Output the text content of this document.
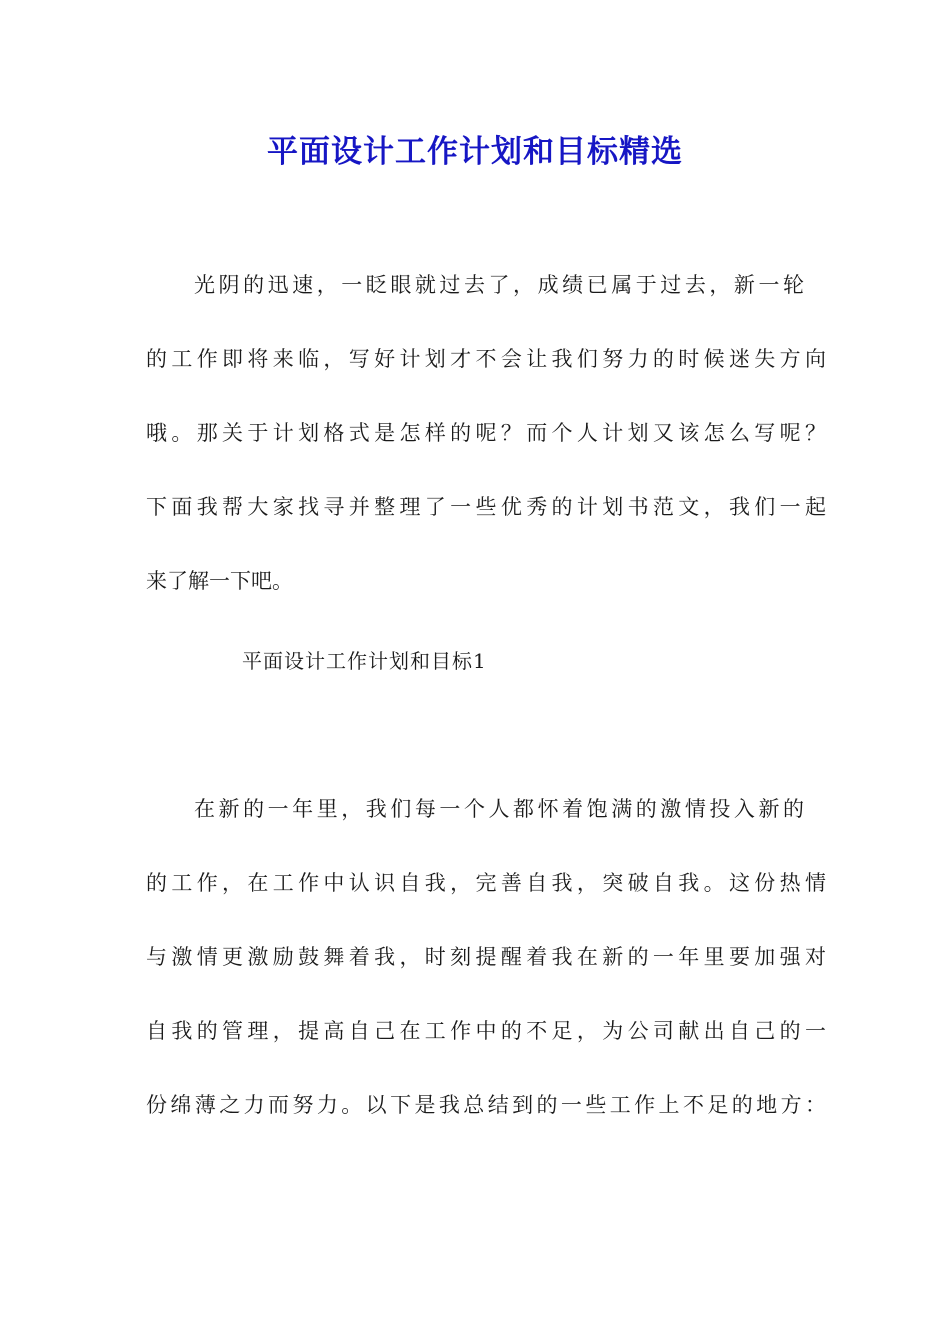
平面设计工作计划和目标精选
光阴的迅速，一眨眼就过去了，成绩已属于过去，新一轮
的工作即将来临，写好计划才不会让我们努力的时候迷失方向
哦。那关于计划格式是怎样的呢？而个人计划又该怎么写呢？
下面我帮大家找寻并整理了一些优秀的计划书范文，我们一起
来了解一下吧。
平面设计工作计划和目标1
在新的一年里，我们每一个人都怀着饱满的激情投入新的
的工作，在工作中认识自我，完善自我，突破自我。这份热情
与激情更激励鼓舞着我，时刻提醒着我在新的一年里要加强对
自我的管理，提高自己在工作中的不足，为公司献出自己的一
份绵薄之力而努力。以下是我总结到的一些工作上不足的地方：
